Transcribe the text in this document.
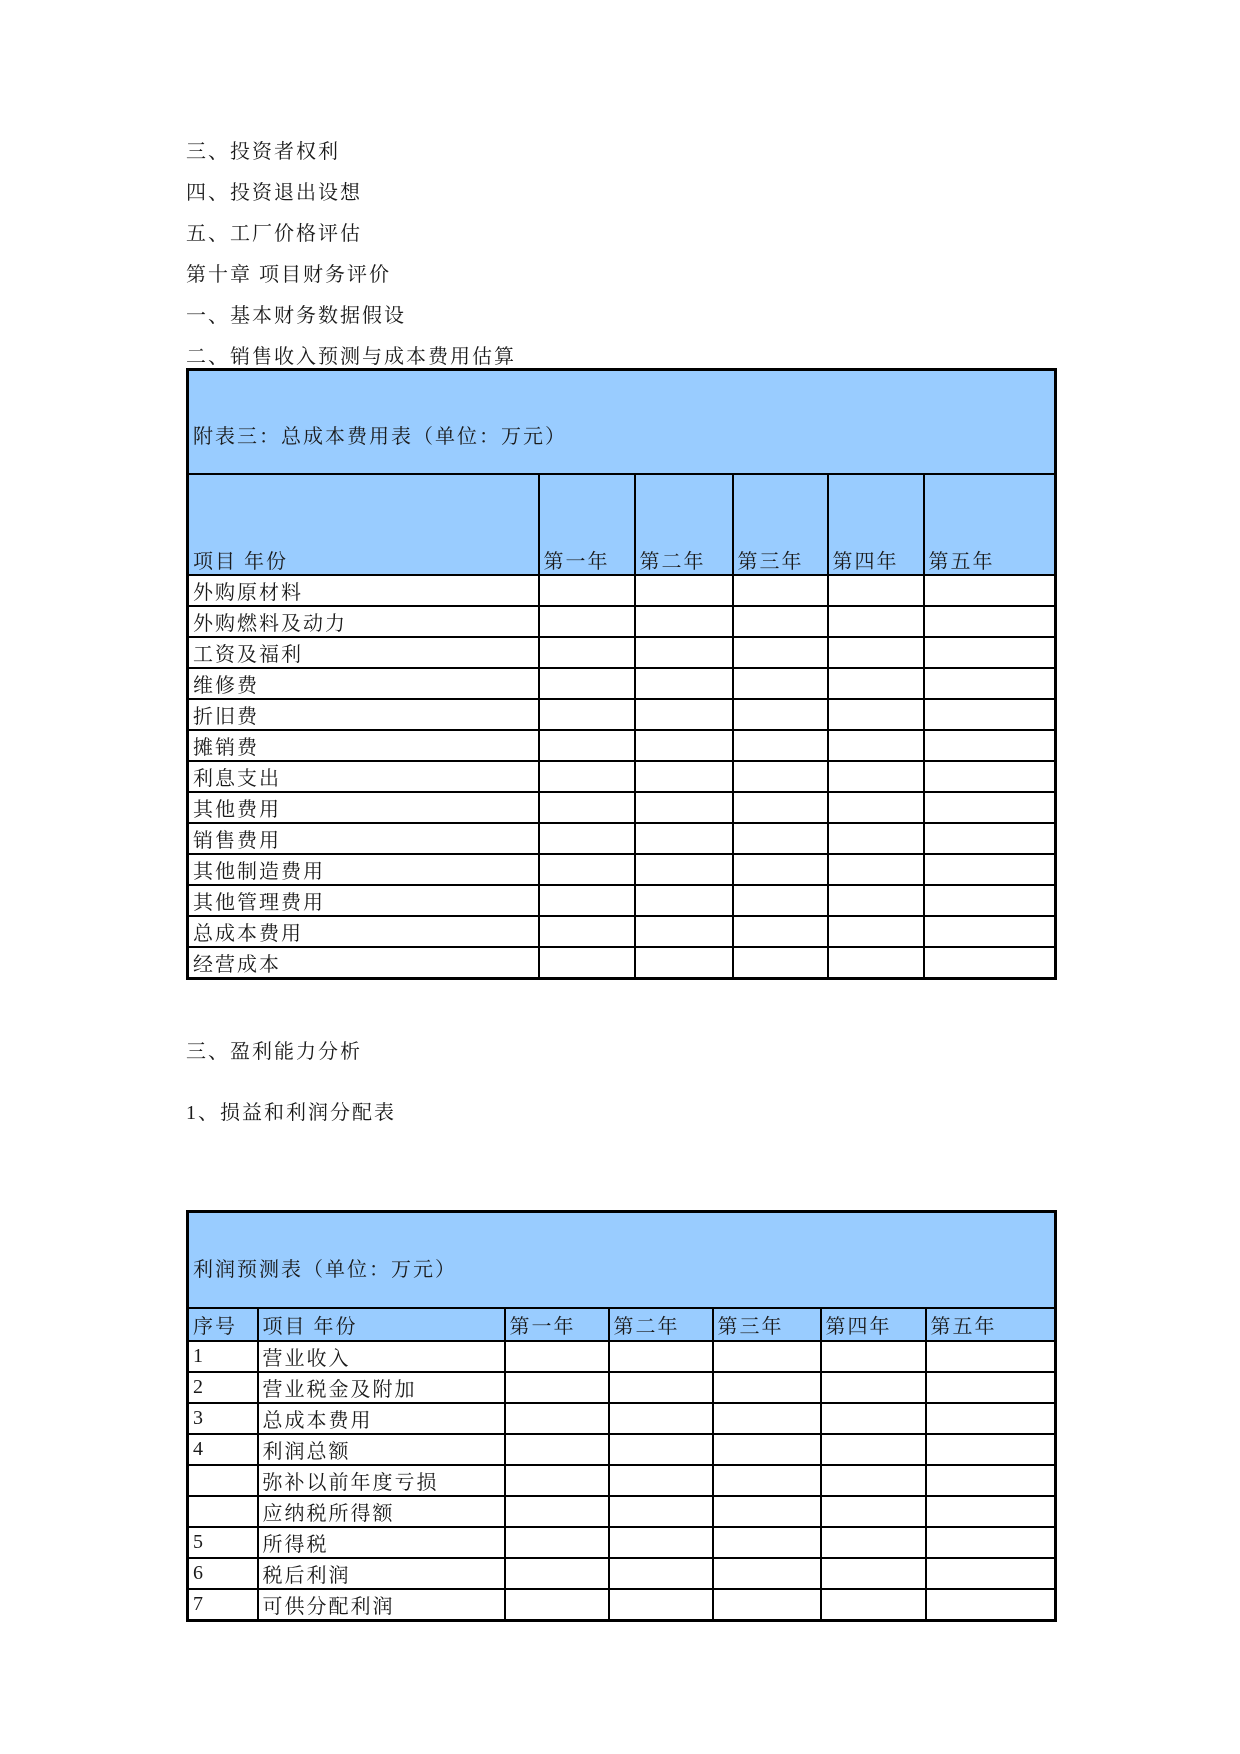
三、投资者权利

四、投资退出设想

五、工厂价格评估

第十章 项目财务评价

一、基本财务数据假设

二、销售收入预测与成本费用估算

附表三：总成本费用表（单位：万元）					
项目 年份	第一年	第二年	第三年	第四年	第五年
外购原材料					
外购燃料及动力					
工资及福利					
维修费					
折旧费					
摊销费					
利息支出					
其他费用					
销售费用					
其他制造费用					
其他管理费用					
总成本费用					
经营成本					

三、盈利能力分析

1、损益和利润分配表

利润预测表（单位：万元）						
序号	项目 年份	第一年	第二年	第三年	第四年	第五年
1	营业收入					
2	营业税金及附加					
3	总成本费用					
4	利润总额					
	弥补以前年度亏损					
	应纳税所得额					
5	所得税					
6	税后利润					
7	可供分配利润					
